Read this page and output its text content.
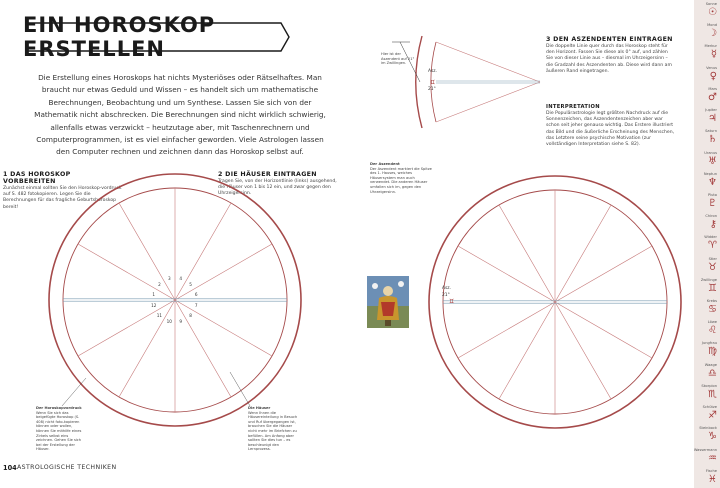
EIN HOROSKOP ERSTELLEN
Die Erstellung eines Horoskops hat nichts Mysteriöses oder Rätselhaftes. Man braucht nur etwas Geduld und Wissen – es handelt sich um mathematische Berechnungen, Beobachtung und um Synthese. Lassen Sie sich von der Mathematik nicht abschrecken. Die Berechnungen sind nicht wirklich schwierig, allenfalls etwas verzwickt – heutzutage aber, mit Taschenrechnern und Computerprogrammen, ist es viel einfacher geworden. Viele Astrologen lassen den Computer rechnen und zeichnen dann das Horoskop selbst auf.
1 DAS HOROSKOP VORBEREITEN
Zunächst einmal sollten Sie den Horoskop-vordruck auf S. 482 fotokopieren. Legen Sie die Berechnungen für das fragliche Geburtshoroskop bereit!
2 DIE HÄUSER EINTRAGEN
Tragen Sie, von der Horizontlinie (links) ausgehend, die Häuser von 1 bis 12 ein, und zwar gegen den Uhrzeigersinn.
3 DEN ASZENDENTEN EINTRAGEN
Die doppelte Linie quer durch das Horoskop steht für den Horizont. Fassen Sie diese als 0° auf, und zählen Sie von dieser Linie aus – diesmal im Uhrzeigersinn – die Gradzahl des Aszendenten ab. Diese wird dann am äußeren Rand eingetragen.
INTERPRETATION
Die Populärastrologie legt größten Nachdruck auf die Sonnenzeichen, das Aszendentenzeichen aber war schon seit jeher genauso wichtig. Das Erstere illustriert das Bild und die äußerliche Erscheinung des Menschen, das Letztere seine psychische Motivation (zur vollständigen Interpretation siehe S. 82).
Hier ist der Aszendent auf 21° im Zwillingen.
Der Aszendent
Der Aszendent markiert die Spitze des 1. Hauses, weiches Häusersystem man auch verwendet. Die anderen Häuser umfallen sich im, gegen den Uhrzeigersinn.
Der Horoskopvordruck
Wenn Sie sich das beigefügte Horoskop (S. 408) nicht foto-kopieren können oder wollen, können Sie mithilfe eines Zirkels selbst eins zeichnen. Gehen Sie sich bei der Erstellung der Häuser.
Die Häuser
Wenn Ihnen die Häusereinteilung in Besuch und Ruf übergegangen ist, brauchen Sie die Häuser nicht mehr im Briefchen zu befüllen. Am Anfang aber sollten Sie dies tun – es beschleunigt den Lernprozess.
1
2
3 4
5
6
7
8
9
10
11
12
Asz.
21°
♊
Asz.
21°
♊
104 ASTROLOGISCHE TECHNIKEN
Sonne
☉
Mond
☽
Merkur
☿
Venus
♀
Mars
♂
Jupiter
♃
Saturn
♄
Uranus
♅
Neptun
♆
Pluto
♇
Chiron
⚷
Widder
♈
Stier
♉
Zwillinge
♊
Krebs
♋
Löwe
♌
Jungfrau
♍
Waage
♎
Skorpion
♏
Schütze
♐
Steinbock
♑
Wassermann
♒
Fische
♓
